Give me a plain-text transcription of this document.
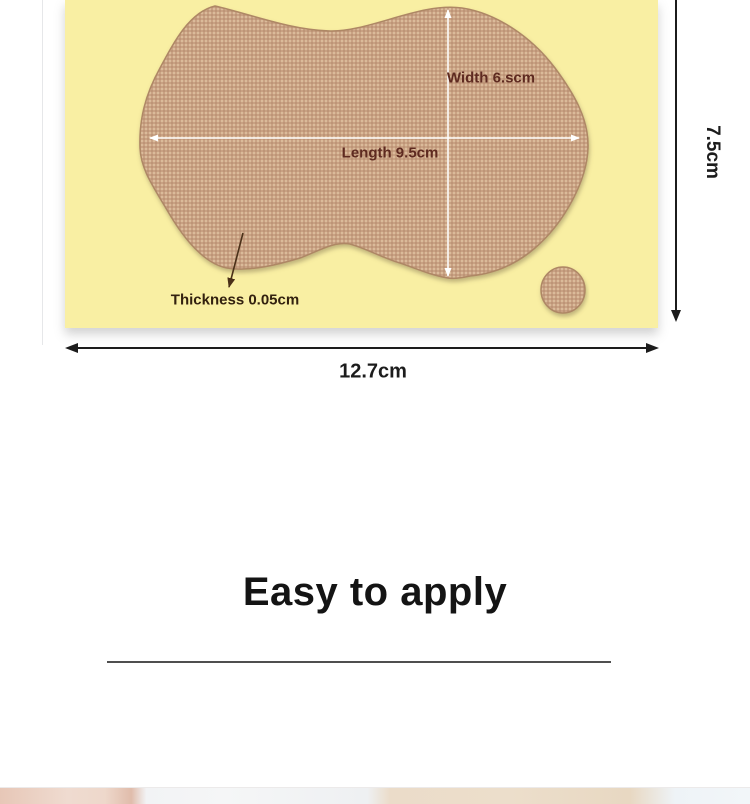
Width 6.scm
Length 9.5cm
Thickness 0.05cm
7.5cm
12.7cm
Easy to apply
